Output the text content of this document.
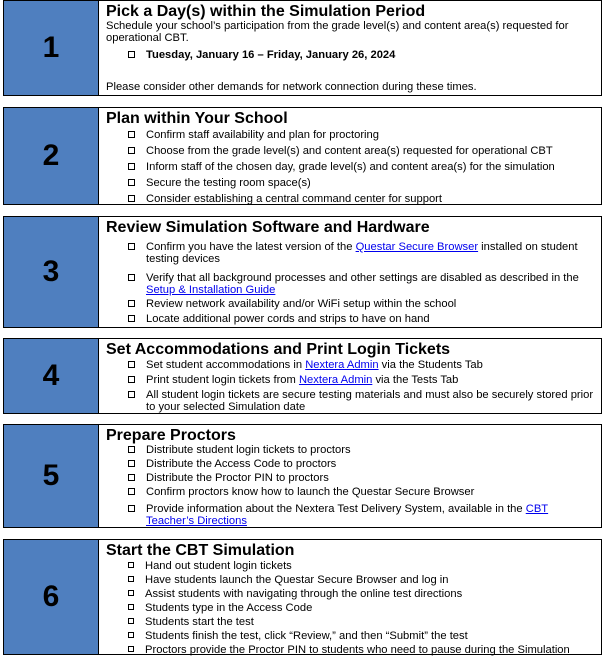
1
Pick a Day(s) within the Simulation Period
Schedule your school’s participation from the grade level(s) and content area(s) requested for operational CBT.
Tuesday, January 16 – Friday, January 26, 2024
Please consider other demands for network connection during these times.
2
Plan within Your School
Confirm staff availability and plan for proctoring
Choose from the grade level(s) and content area(s) requested for operational CBT
Inform staff of the chosen day, grade level(s) and content area(s) for the simulation
Secure the testing room space(s)
Consider establishing a central command center for support
3
Review Simulation Software and Hardware
Confirm you have the latest version of the Questar Secure Browser installed on student testing devices
Verify that all background processes and other settings are disabled as described in the Setup & Installation Guide
Review network availability and/or WiFi setup within the school
Locate additional power cords and strips to have on hand
4
Set Accommodations and Print Login Tickets
Set student accommodations in Nextera Admin via the Students Tab
Print student login tickets from Nextera Admin via the Tests Tab
All student login tickets are secure testing materials and must also be securely stored prior to your selected Simulation date
5
Prepare Proctors
Distribute student login tickets to proctors
Distribute the Access Code to proctors
Distribute the Proctor PIN to proctors
Confirm proctors know how to launch the Questar Secure Browser
Provide information about the Nextera Test Delivery System, available in the CBT Teacher’s Directions
6
Start the CBT Simulation
Hand out student login tickets
Have students launch the Questar Secure Browser and log in
Assist students with navigating through the online test directions
Students type in the Access Code
Students start the test
Students finish the test, click “Review,” and then “Submit” the test
Proctors provide the Proctor PIN to students who need to pause during the Simulation
